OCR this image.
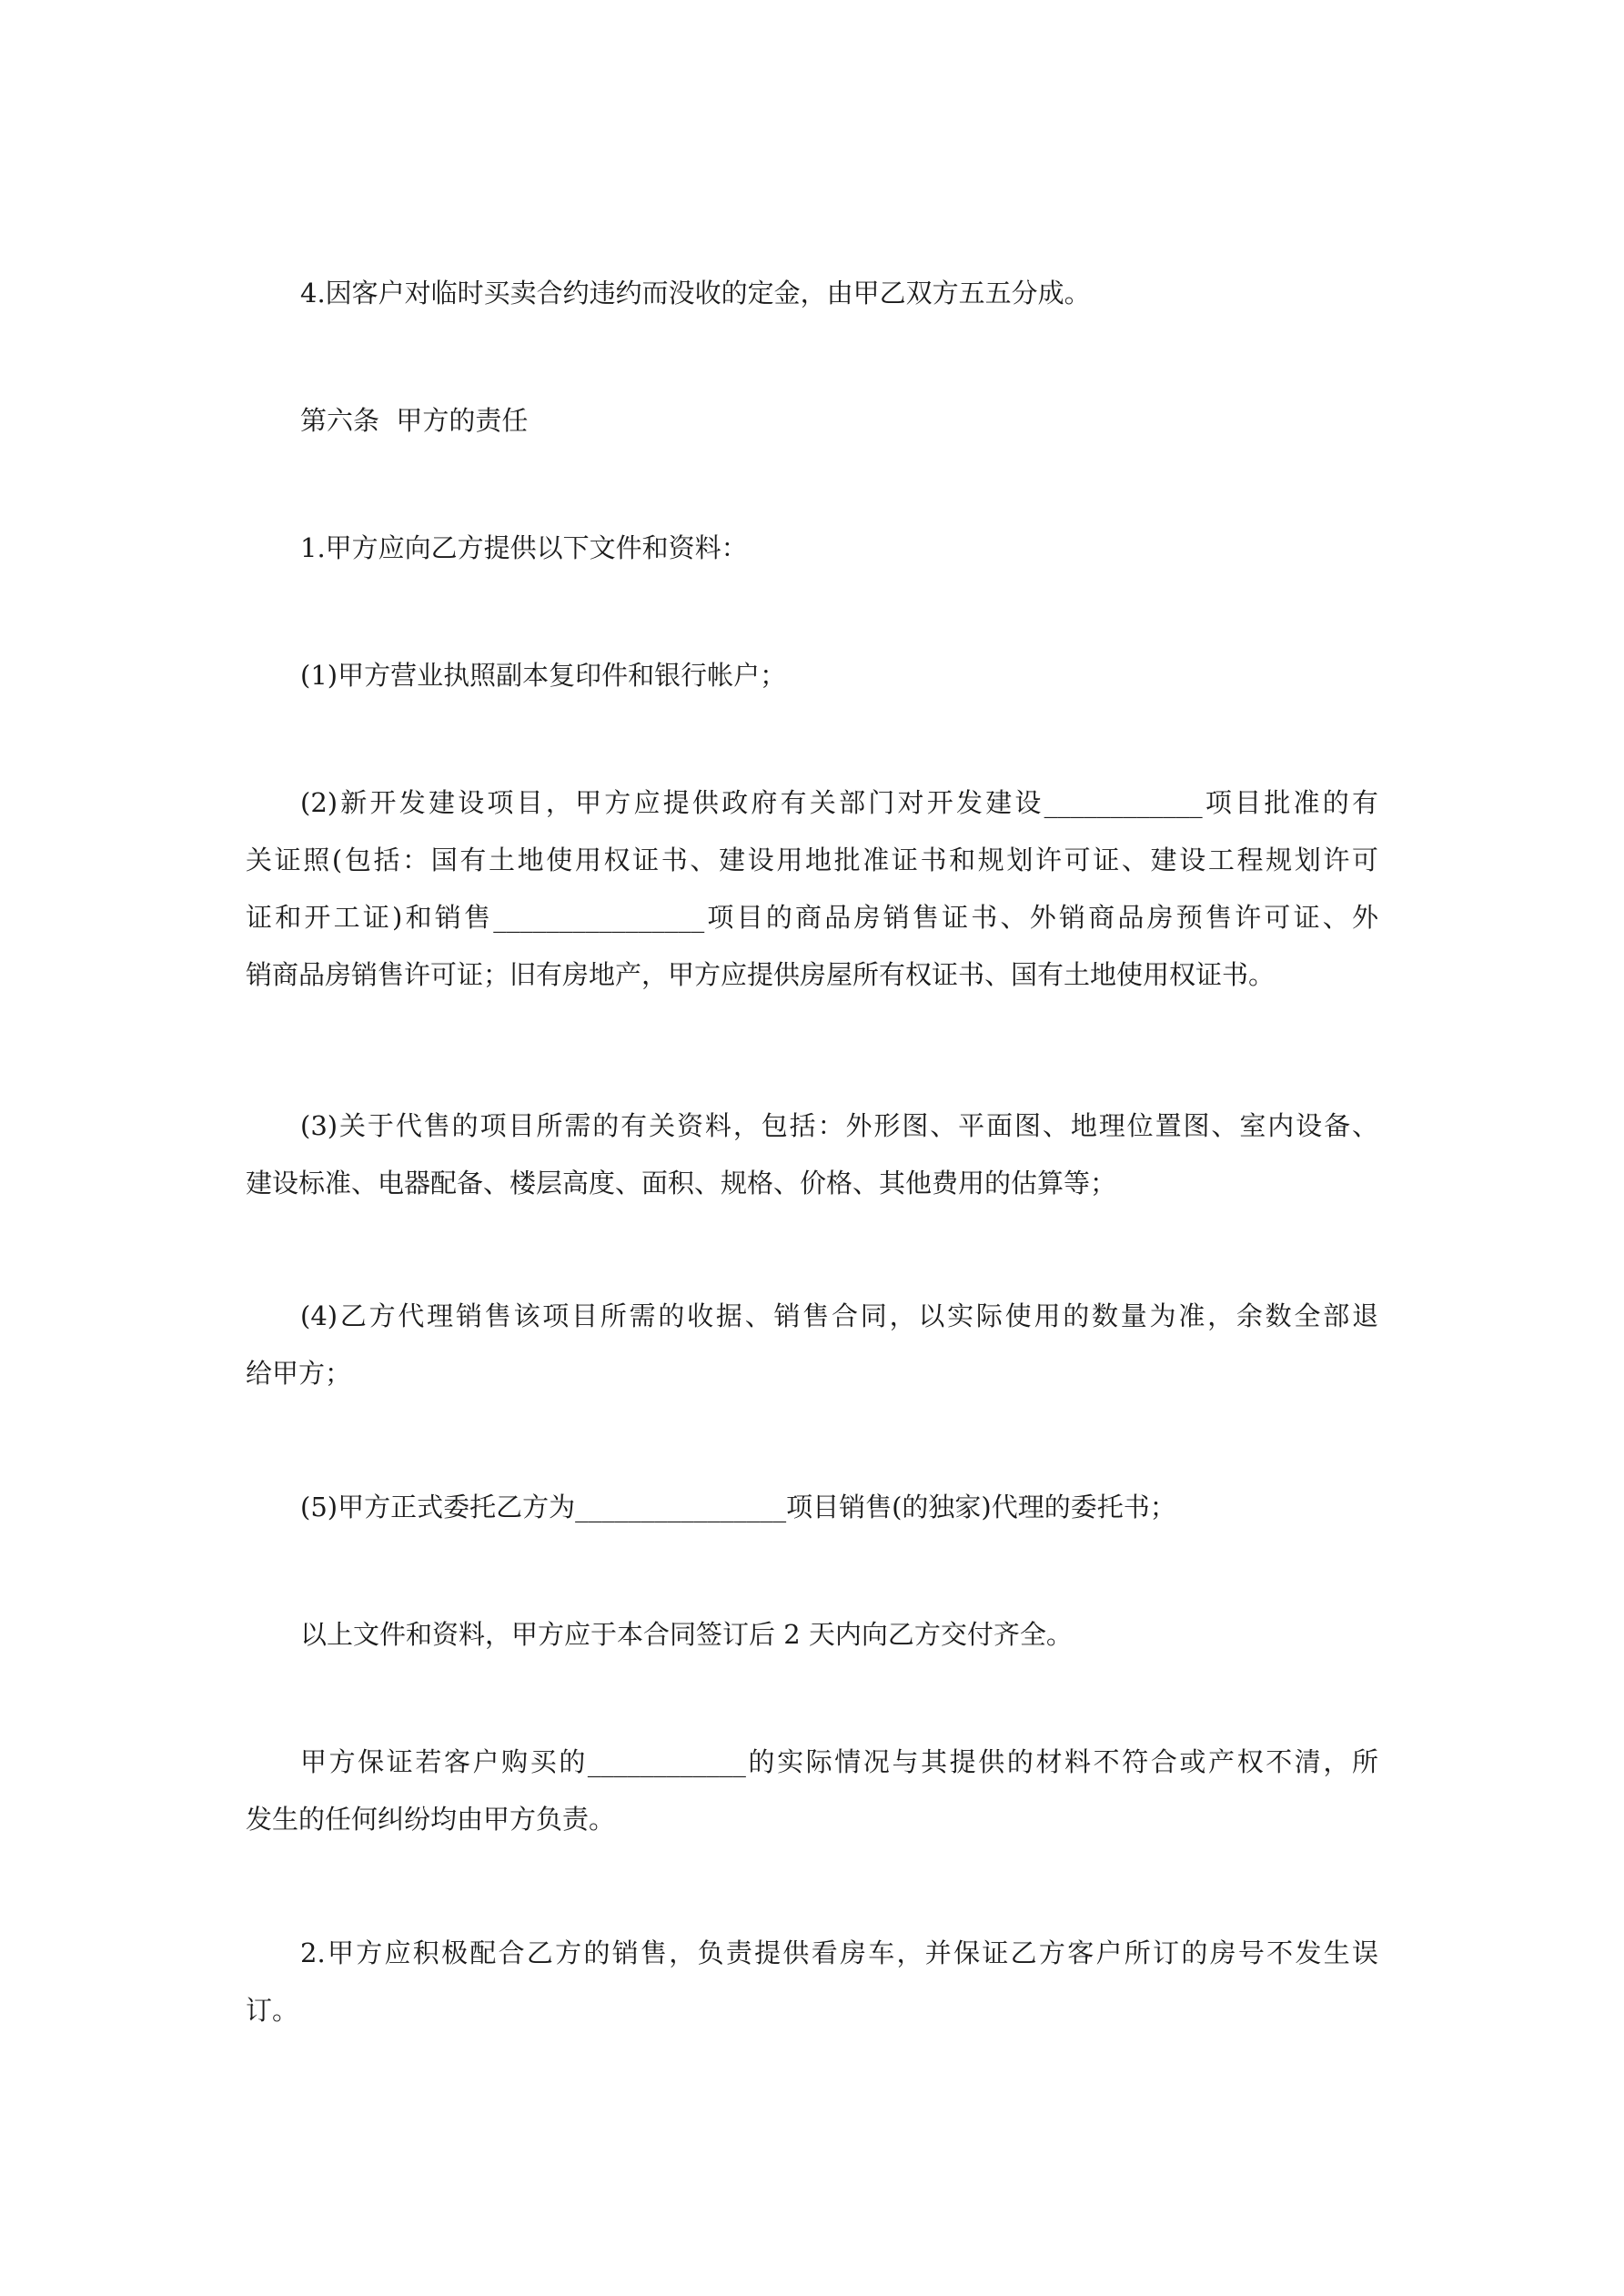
4.因客户对临时买卖合约违约而没收的定金，由甲乙双方五五分成。
第六条  甲方的责任
1.甲方应向乙方提供以下文件和资料：
(1)甲方营业执照副本复印件和银行帐户；
(2)新开发建设项目，甲方应提供政府有关部门对开发建设____________项目批准的有
关证照(包括：国有土地使用权证书、建设用地批准证书和规划许可证、建设工程规划许可
证和开工证)和销售________________项目的商品房销售证书、外销商品房预售许可证、外
销商品房销售许可证；旧有房地产，甲方应提供房屋所有权证书、国有土地使用权证书。
(3)关于代售的项目所需的有关资料，包括：外形图、平面图、地理位置图、室内设备、
建设标准、电器配备、楼层高度、面积、规格、价格、其他费用的估算等；
(4)乙方代理销售该项目所需的收据、销售合同，以实际使用的数量为准，余数全部退
给甲方；
(5)甲方正式委托乙方为________________项目销售(的独家)代理的委托书；
以上文件和资料，甲方应于本合同签订后 2 天内向乙方交付齐全。
甲方保证若客户购买的____________的实际情况与其提供的材料不符合或产权不清，所
发生的任何纠纷均由甲方负责。
2.甲方应积极配合乙方的销售，负责提供看房车，并保证乙方客户所订的房号不发生误
订。
